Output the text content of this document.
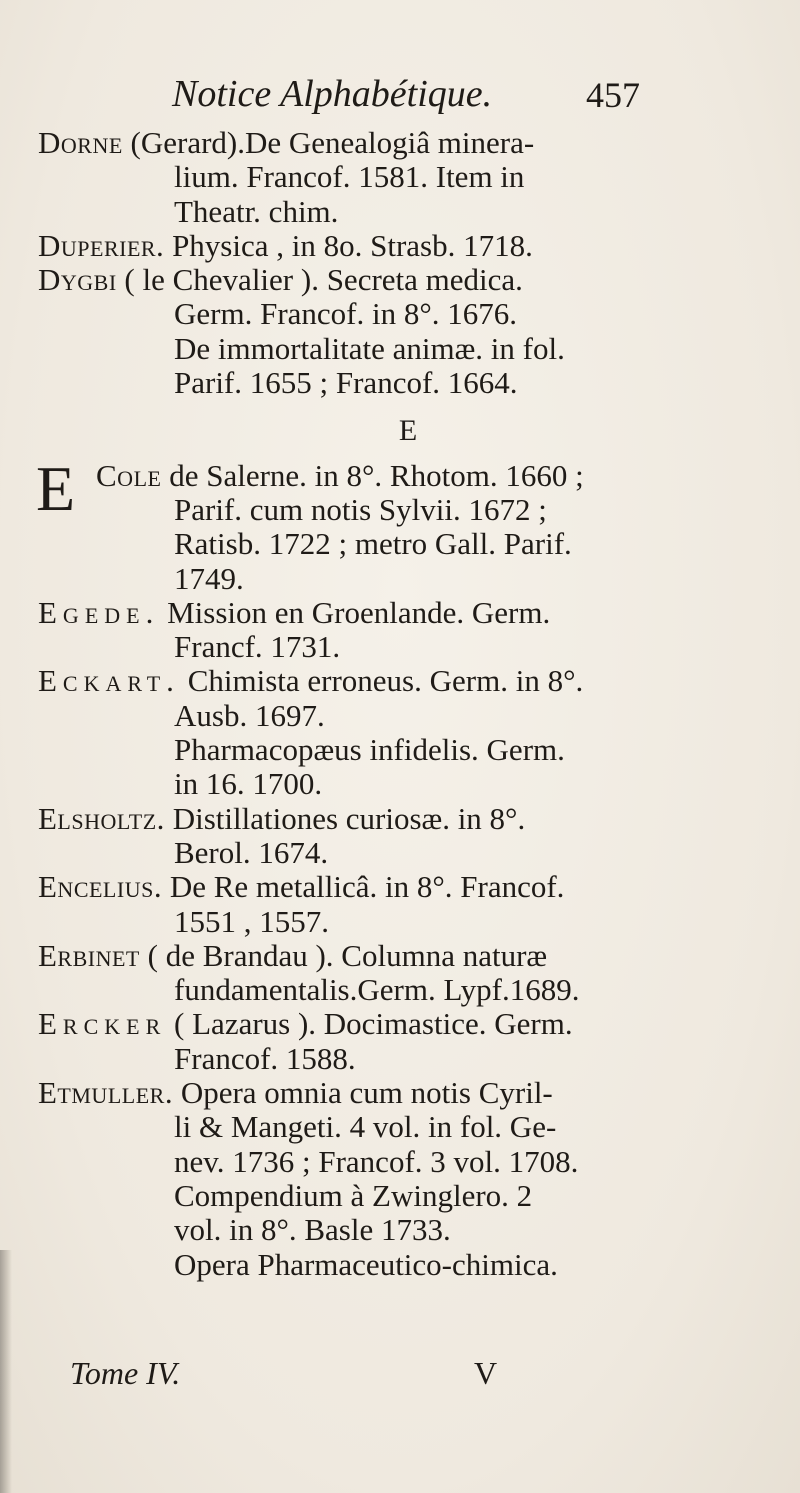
Notice Alphabétique.	457
Dorne (Gerard).De Genealogiâ minera-
lium. Francof. 1581. Item in
Theatr. chim.
Duperier. Physica , in 8o. Strasb. 1718.
Dygbi ( le Chevalier ). Secreta medica.
Germ. Francof. in 8°. 1676.
De immortalitate animæ. in fol.
Parif. 1655 ; Francof. 1664.
E
E Cole de Salerne. in 8°. Rhotom. 1660 ;
Parif. cum notis Sylvii. 1672 ;
Ratisb. 1722 ; metro Gall. Parif.
1749.
Egede. Mission en Groenlande. Germ.
Francf. 1731.
Eckart. Chimista erroneus. Germ. in 8°.
Ausb. 1697.
Pharmacopæus infidelis. Germ.
in 16. 1700.
Elsholtz. Distillationes curiosæ. in 8°.
Berol. 1674.
Encelius. De Re metallicâ. in 8°. Francof.
1551 , 1557.
Erbinet ( de Brandau ). Columna naturæ
fundamentalis.Germ. Lypf.1689.
Ercker ( Lazarus ). Docimastice. Germ.
Francof. 1588.
Etmuller. Opera omnia cum notis Cyril-
li & Mangeti. 4 vol. in fol. Ge-
nev. 1736 ; Francof. 3 vol. 1708.
Compendium à Zwinglero. 2
vol. in 8°. Basle 1733.
Opera Pharmaceutico-chimica.
Tome IV.	V
